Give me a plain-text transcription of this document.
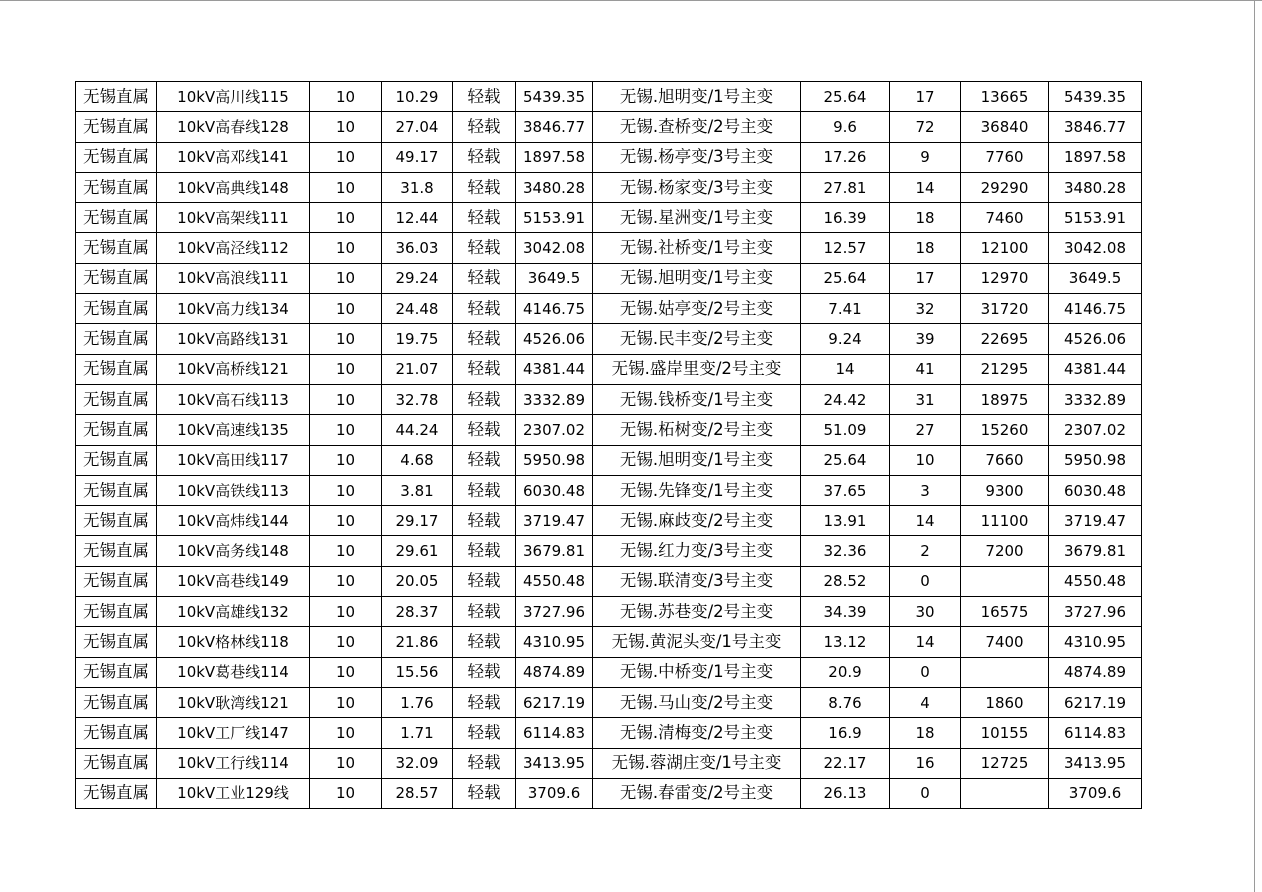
无锡直属	10kV高川线115	10	10.29	轻载	5439.35	无锡.旭明变/1号主变	25.64	17	13665	5439.35
无锡直属	10kV高春线128	10	27.04	轻载	3846.77	无锡.查桥变/2号主变	9.6	72	36840	3846.77
无锡直属	10kV高邓线141	10	49.17	轻载	1897.58	无锡.杨亭变/3号主变	17.26	9	7760	1897.58
无锡直属	10kV高典线148	10	31.8	轻载	3480.28	无锡.杨家变/3号主变	27.81	14	29290	3480.28
无锡直属	10kV高架线111	10	12.44	轻载	5153.91	无锡.星洲变/1号主变	16.39	18	7460	5153.91
无锡直属	10kV高泾线112	10	36.03	轻载	3042.08	无锡.社桥变/1号主变	12.57	18	12100	3042.08
无锡直属	10kV高浪线111	10	29.24	轻载	3649.5	无锡.旭明变/1号主变	25.64	17	12970	3649.5
无锡直属	10kV高力线134	10	24.48	轻载	4146.75	无锡.姑亭变/2号主变	7.41	32	31720	4146.75
无锡直属	10kV高路线131	10	19.75	轻载	4526.06	无锡.民丰变/2号主变	9.24	39	22695	4526.06
无锡直属	10kV高桥线121	10	21.07	轻载	4381.44	无锡.盛岸里变/2号主变	14	41	21295	4381.44
无锡直属	10kV高石线113	10	32.78	轻载	3332.89	无锡.钱桥变/1号主变	24.42	31	18975	3332.89
无锡直属	10kV高速线135	10	44.24	轻载	2307.02	无锡.柘树变/2号主变	51.09	27	15260	2307.02
无锡直属	10kV高田线117	10	4.68	轻载	5950.98	无锡.旭明变/1号主变	25.64	10	7660	5950.98
无锡直属	10kV高铁线113	10	3.81	轻载	6030.48	无锡.先锋变/1号主变	37.65	3	9300	6030.48
无锡直属	10kV高炜线144	10	29.17	轻载	3719.47	无锡.麻歧变/2号主变	13.91	14	11100	3719.47
无锡直属	10kV高务线148	10	29.61	轻载	3679.81	无锡.红力变/3号主变	32.36	2	7200	3679.81
无锡直属	10kV高巷线149	10	20.05	轻载	4550.48	无锡.联清变/3号主变	28.52	0		4550.48
无锡直属	10kV高雄线132	10	28.37	轻载	3727.96	无锡.苏巷变/2号主变	34.39	30	16575	3727.96
无锡直属	10kV格林线118	10	21.86	轻载	4310.95	无锡.黄泥头变/1号主变	13.12	14	7400	4310.95
无锡直属	10kV葛巷线114	10	15.56	轻载	4874.89	无锡.中桥变/1号主变	20.9	0		4874.89
无锡直属	10kV耿湾线121	10	1.76	轻载	6217.19	无锡.马山变/2号主变	8.76	4	1860	6217.19
无锡直属	10kV工厂线147	10	1.71	轻载	6114.83	无锡.清梅变/2号主变	16.9	18	10155	6114.83
无锡直属	10kV工行线114	10	32.09	轻载	3413.95	无锡.蓉湖庄变/1号主变	22.17	16	12725	3413.95
无锡直属	10kV工业129线	10	28.57	轻载	3709.6	无锡.春雷变/2号主变	26.13	0		3709.6
